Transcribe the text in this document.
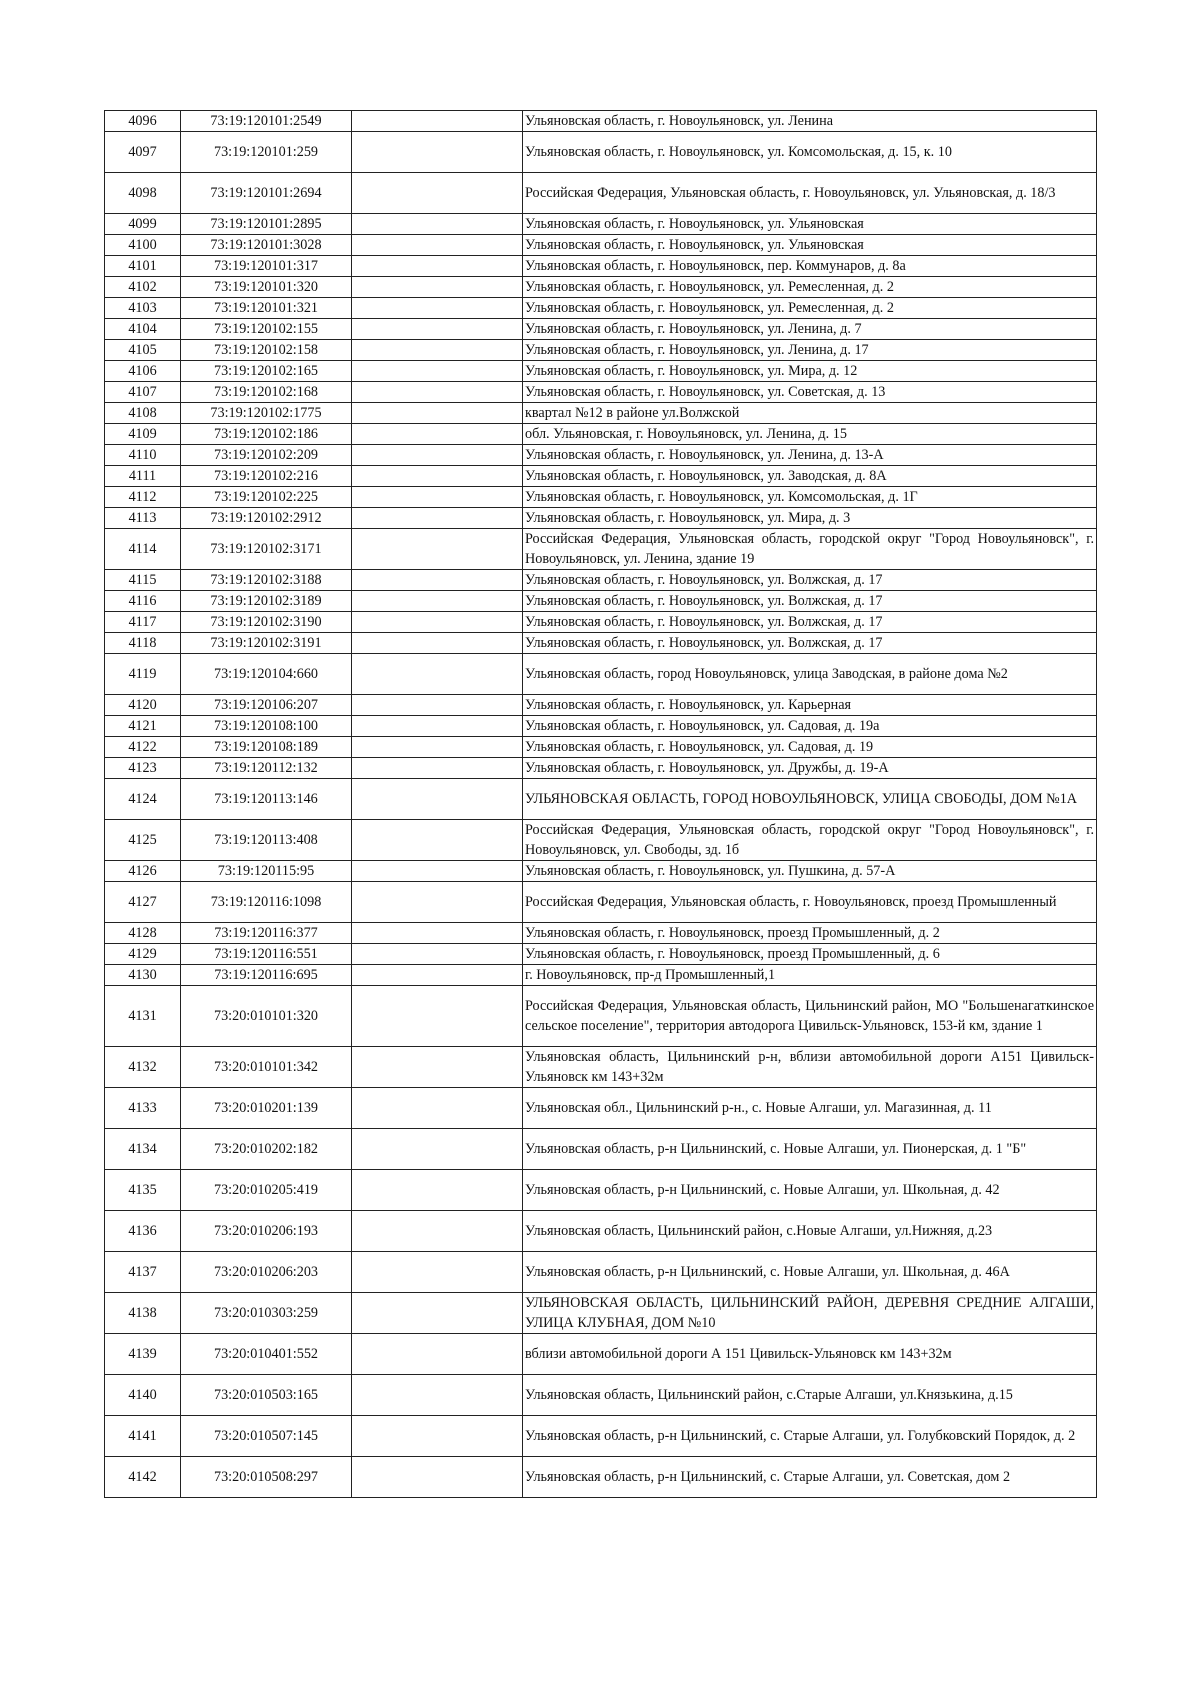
4096	73:19:120101:2549		Ульяновская область, г. Новоульяновск, ул. Ленина
4097	73:19:120101:259		Ульяновская область, г. Новоульяновск, ул. Комсомольская, д. 15, к. 10
4098	73:19:120101:2694		Российская Федерация, Ульяновская область, г. Новоульяновск, ул. Ульяновская, д. 18/3
4099	73:19:120101:2895		Ульяновская область, г. Новоульяновск, ул. Ульяновская
4100	73:19:120101:3028		Ульяновская область, г. Новоульяновск, ул. Ульяновская
4101	73:19:120101:317		Ульяновская область, г. Новоульяновск, пер. Коммунаров, д. 8а
4102	73:19:120101:320		Ульяновская область, г. Новоульяновск, ул. Ремесленная, д. 2
4103	73:19:120101:321		Ульяновская область, г. Новоульяновск, ул. Ремесленная, д. 2
4104	73:19:120102:155		Ульяновская область, г. Новоульяновск, ул. Ленина, д. 7
4105	73:19:120102:158		Ульяновская область, г. Новоульяновск, ул. Ленина, д. 17
4106	73:19:120102:165		Ульяновская область, г. Новоульяновск, ул. Мира, д. 12
4107	73:19:120102:168		Ульяновская область, г. Новоульяновск, ул. Советская, д. 13
4108	73:19:120102:1775		квартал №12 в районе ул.Волжской
4109	73:19:120102:186		обл. Ульяновская, г. Новоульяновск, ул. Ленина, д. 15
4110	73:19:120102:209		Ульяновская область, г. Новоульяновск, ул. Ленина, д. 13-А
4111	73:19:120102:216		Ульяновская область, г. Новоульяновск, ул. Заводская, д. 8А
4112	73:19:120102:225		Ульяновская область, г. Новоульяновск, ул. Комсомольская, д. 1Г
4113	73:19:120102:2912		Ульяновская область, г. Новоульяновск, ул. Мира, д. 3
4114	73:19:120102:3171		Российская Федерация, Ульяновская область, городской округ "Город Новоульяновск", г. Новоульяновск, ул. Ленина, здание 19
4115	73:19:120102:3188		Ульяновская область, г. Новоульяновск, ул. Волжская, д. 17
4116	73:19:120102:3189		Ульяновская область, г. Новоульяновск, ул. Волжская, д. 17
4117	73:19:120102:3190		Ульяновская область, г. Новоульяновск, ул. Волжская, д. 17
4118	73:19:120102:3191		Ульяновская область, г. Новоульяновск, ул. Волжская, д. 17
4119	73:19:120104:660		Ульяновская область, город Новоульяновск, улица Заводская, в районе дома №2
4120	73:19:120106:207		Ульяновская область, г. Новоульяновск, ул. Карьерная
4121	73:19:120108:100		Ульяновская область, г. Новоульяновск, ул. Садовая, д. 19а
4122	73:19:120108:189		Ульяновская область, г. Новоульяновск, ул. Садовая, д. 19
4123	73:19:120112:132		Ульяновская область, г. Новоульяновск, ул. Дружбы, д. 19-А
4124	73:19:120113:146		УЛЬЯНОВСКАЯ ОБЛАСТЬ, ГОРОД НОВОУЛЬЯНОВСК, УЛИЦА СВОБОДЫ, ДОМ №1А
4125	73:19:120113:408		Российская Федерация, Ульяновская область, городской округ "Город Новоульяновск", г. Новоульяновск, ул. Свободы, зд. 1б
4126	73:19:120115:95		Ульяновская область, г. Новоульяновск, ул. Пушкина, д. 57-А
4127	73:19:120116:1098		Российская Федерация, Ульяновская область, г. Новоульяновск, проезд Промышленный
4128	73:19:120116:377		Ульяновская область, г. Новоульяновск, проезд Промышленный, д. 2
4129	73:19:120116:551		Ульяновская область, г. Новоульяновск, проезд Промышленный, д. 6
4130	73:19:120116:695		г. Новоульяновск, пр-д Промышленный,1
4131	73:20:010101:320		Российская Федерация, Ульяновская область, Цильнинский район, МО "Большенагаткинское сельское поселение", территория автодорога Цивильск-Ульяновск, 153-й км, здание 1
4132	73:20:010101:342		Ульяновская область, Цильнинский р-н, вблизи автомобильной дороги А151 Цивильск-Ульяновск км 143+32м
4133	73:20:010201:139		Ульяновская обл., Цильнинский р-н., с. Новые Алгаши, ул. Магазинная, д. 11
4134	73:20:010202:182		Ульяновская область, р-н Цильнинский, с. Новые Алгаши, ул. Пионерская, д. 1 "Б"
4135	73:20:010205:419		Ульяновская область, р-н Цильнинский, с. Новые Алгаши, ул. Школьная, д. 42
4136	73:20:010206:193		Ульяновская область, Цильнинский район, с.Новые Алгаши, ул.Нижняя, д.23
4137	73:20:010206:203		Ульяновская область, р-н Цильнинский, с. Новые Алгаши, ул. Школьная, д. 46А
4138	73:20:010303:259		УЛЬЯНОВСКАЯ ОБЛАСТЬ, ЦИЛЬНИНСКИЙ РАЙОН, ДЕРЕВНЯ СРЕДНИЕ АЛГАШИ, УЛИЦА КЛУБНАЯ, ДОМ №10
4139	73:20:010401:552		вблизи автомобильной дороги А 151 Цивильск-Ульяновск км 143+32м
4140	73:20:010503:165		Ульяновская область, Цильнинский район, с.Старые Алгаши, ул.Князькина, д.15
4141	73:20:010507:145		Ульяновская область, р-н Цильнинский, с. Старые Алгаши, ул. Голубковский Порядок, д. 2
4142	73:20:010508:297		Ульяновская область, р-н Цильнинский, с. Старые Алгаши, ул. Советская, дом 2
